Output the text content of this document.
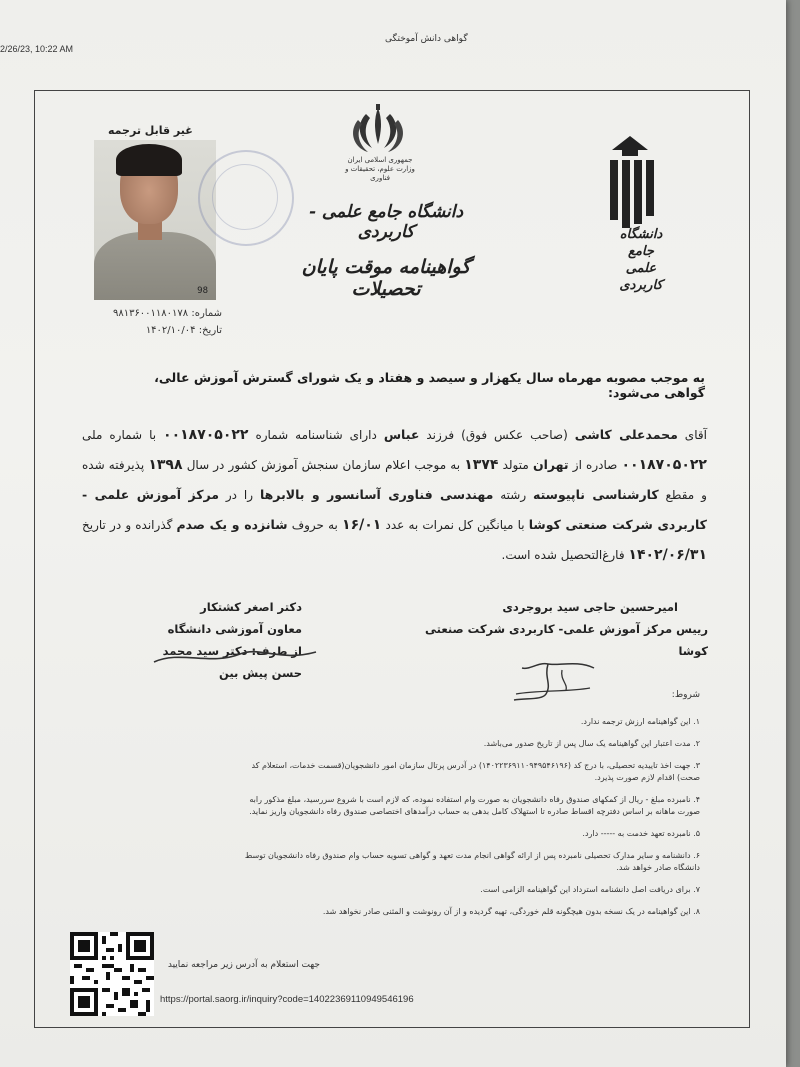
2/26/23, 10:22 AM
گواهی دانش آموختگی
غیر قابل ترجمه
98
شماره: ۹۸۱۳۶۰۰۱۱۸۰۱۷۸
تاریخ: ۱۴۰۲/۱۰/۰۴
جمهوری اسلامی ایران
وزارت علوم، تحقیقات و فناوری
دانشگاه جامع علمی - کاربردی
گواهینامه موقت پایان تحصیلات
دانشگاه جامع
علمی کاربردی
به موجب مصوبه مهرماه سال یکهزار و سیصد و هفتاد و یک شورای گسترش آموزش عالی، گواهی می‌شود:
آقای محمدعلی کاشی (صاحب عکس فوق) فرزند عباس دارای شناسنامه شماره ۰۰۱۸۷۰۵۰۲۲ با شماره ملی ۰۰۱۸۷۰۵۰۲۲ صادره از تهران متولد ۱۳۷۴ به موجب اعلام سازمان سنجش آموزش کشور در سال ۱۳۹۸ پذیرفته شده و مقطع کارشناسی ناپیوسته رشته مهندسی فناوری آسانسور و بالابرها را در مرکز آموزش علمی - کاربردی شرکت صنعتی کوشا با میانگین کل نمرات به عدد ۱۶/۰۱ به حروف شانزده و یک صدم گذرانده و در تاریخ ۱۴۰۲/۰۶/۳۱ فارغ‌التحصیل شده است.
دکتر اصغر کشتکار
معاون آموزشی دانشگاه
از طرف: دکتر سید محمد حسن پیش بین
امیرحسین حاجی سید بروجردی
رییس مرکز آموزش علمی- کاربردی شرکت صنعتی کوشا
شروط:
۱. این گواهینامه ارزش ترجمه ندارد.
۲. مدت اعتبار این گواهینامه یک سال پس از تاریخ صدور می‌باشد.
۳. جهت اخذ تاییدیه تحصیلی، با درج کد (۱۴۰۲۲۳۶۹۱۱۰۹۴۹۵۴۶۱۹۶) در آدرس پرتال سازمان امور دانشجویان(قسمت خدمات، استعلام کد صحت) اقدام لازم صورت پذیرد.
۴. نامبرده مبلغ - ریال از کمکهای صندوق رفاه دانشجویان به صورت وام استفاده نموده، که لازم است با شروع سررسید، مبلغ مذکور رابه صورت ماهانه بر اساس دفترچه اقساط صادره تا استهلاک کامل بدهی به حساب درآمدهای اختصاصی صندوق رفاه دانشجویان واریز نماید.
۵. نامبرده تعهد خدمت به ----- دارد.
۶. دانشنامه و سایر مدارک تحصیلی نامبرده پس از ارائه گواهی انجام مدت تعهد و گواهی تسویه حساب وام صندوق رفاه دانشجویان توسط دانشگاه صادر خواهد شد.
۷. برای دریافت اصل دانشنامه استرداد این گواهینامه الزامی است.
۸. این گواهینامه در یک نسخه بدون هیچگونه قلم خوردگی، تهیه گردیده و از آن رونوشت و المثنی صادر نخواهد شد.
جهت استعلام به آدرس زیر مراجعه نمایید
https://portal.saorg.ir/inquiry?code=14022369110949546196
